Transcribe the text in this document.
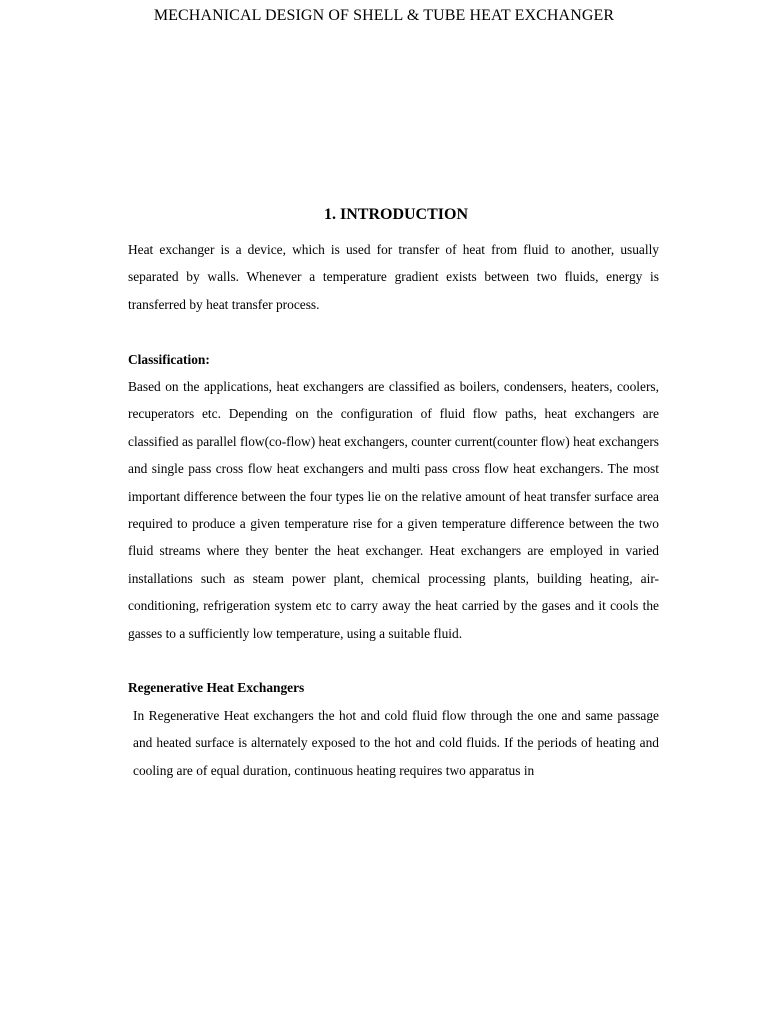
MECHANICAL DESIGN OF SHELL & TUBE HEAT EXCHANGER
1. INTRODUCTION

Heat exchanger is a device, which is used for transfer of heat from fluid to another, usually separated by walls. Whenever a temperature gradient exists between two fluids, energy is transferred by heat transfer process.

Classification:

Based on the applications, heat exchangers are classified as boilers, condensers, heaters, coolers, recuperators etc. Depending on the configuration of fluid flow paths, heat exchangers are classified as parallel flow(co-flow) heat exchangers, counter current(counter flow) heat exchangers and single pass cross flow heat exchangers and multi pass cross flow heat exchangers. The most important difference between the four types lie on the relative amount of heat transfer surface area required to produce a given temperature rise for a given temperature difference between the two fluid streams where they benter the heat exchanger. Heat exchangers are employed in varied installations such as steam power plant, chemical processing plants, building heating, air-conditioning, refrigeration system etc to carry away the heat carried by the gases and it cools the gasses to a sufficiently low temperature, using a suitable fluid.

Regenerative Heat Exchangers

In Regenerative Heat exchangers the hot and cold fluid flow through the one and same passage and heated surface is alternately exposed to the hot and cold fluids. If the periods of heating and cooling are of equal duration, continuous heating requires two apparatus in
